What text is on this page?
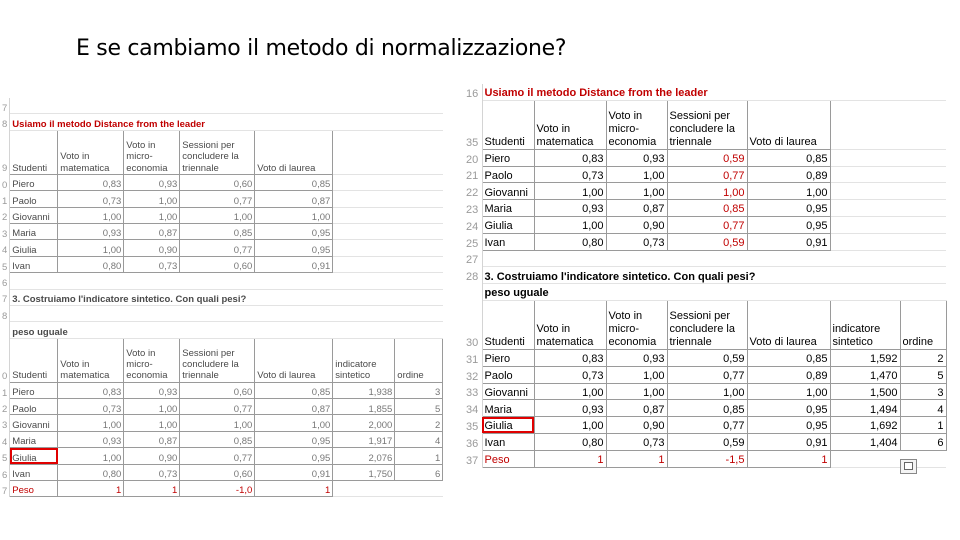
E se cambiamo il metodo di normalizzazione?
7							
8	Usiamo il metodo Distance from the leader						
9	Studenti	Voto in matematica	Voto in micro-economia	Sessioni per concludere la triennale	Voto di laurea		
0	Piero	0,83	0,93	0,60	0,85		
1	Paolo	0,73	1,00	0,77	0,87		
2	Giovanni	1,00	1,00	1,00	1,00		
3	Maria	0,93	0,87	0,85	0,95		
4	Giulia	1,00	0,90	0,77	0,95		
5	Ivan	0,80	0,73	0,60	0,91		
6							
7	3. Costruiamo l'indicatore sintetico. Con quali pesi?						
8							
	peso uguale						
0	Studenti	Voto in matematica	Voto in micro-economia	Sessioni per concludere la triennale	Voto di laurea	indicatore sintetico	ordine
1	Piero	0,83	0,93	0,60	0,85	1,938	3
2	Paolo	0,73	1,00	0,77	0,87	1,855	5
3	Giovanni	1,00	1,00	1,00	1,00	2,000	2
4	Maria	0,93	0,87	0,85	0,95	1,917	4
5	Giulia	1,00	0,90	0,77	0,95	2,076	1
6	Ivan	0,80	0,73	0,60	0,91	1,750	6
7	Peso	1	1	-1,0	1		
16	Usiamo il metodo Distance from the leader						
35	Studenti	Voto in matematica	Voto in micro-economia	Sessioni per concludere la triennale	Voto di laurea		
20	Piero	0,83	0,93	0,59	0,85		
21	Paolo	0,73	1,00	0,77	0,89		
22	Giovanni	1,00	1,00	1,00	1,00		
23	Maria	0,93	0,87	0,85	0,95		
24	Giulia	1,00	0,90	0,77	0,95		
25	Ivan	0,80	0,73	0,59	0,91		
27							
28	3. Costruiamo l'indicatore sintetico. Con quali pesi?						
	peso uguale						
30	Studenti	Voto in matematica	Voto in micro-economia	Sessioni per concludere la triennale	Voto di laurea	indicatore sintetico	ordine
31	Piero	0,83	0,93	0,59	0,85	1,592	2
32	Paolo	0,73	1,00	0,77	0,89	1,470	5
33	Giovanni	1,00	1,00	1,00	1,00	1,500	3
34	Maria	0,93	0,87	0,85	0,95	1,494	4
35	Giulia	1,00	0,90	0,77	0,95	1,692	1
36	Ivan	0,80	0,73	0,59	0,91	1,404	6
37	Peso	1	1	-1,5	1		
